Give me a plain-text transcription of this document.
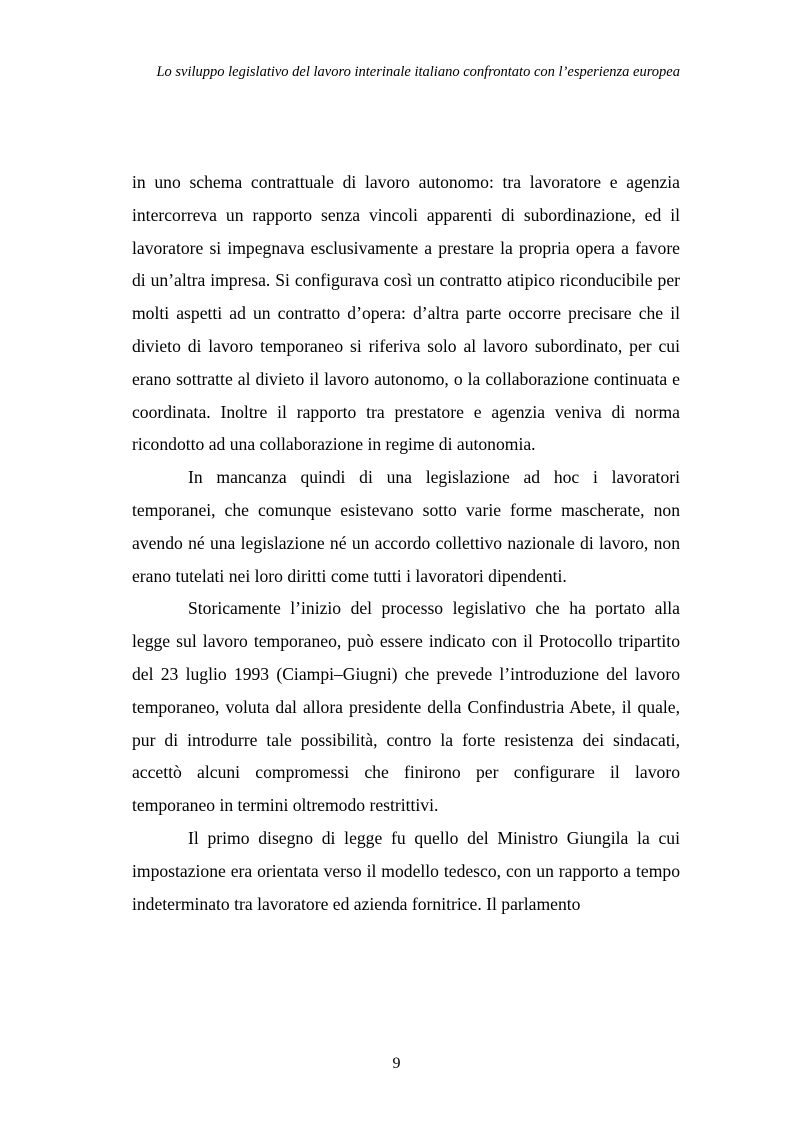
Lo sviluppo legislativo del lavoro interinale italiano confrontato con l’esperienza europea

in uno schema contrattuale di lavoro autonomo: tra lavoratore e agenzia intercorreva un rapporto senza vincoli apparenti di subordinazione, ed il lavoratore si impegnava esclusivamente a prestare la propria opera a favore di un’altra impresa. Si configurava così un contratto atipico riconducibile per molti aspetti ad un contratto d’opera: d’altra parte occorre precisare che il divieto di lavoro temporaneo si riferiva solo al lavoro subordinato, per cui erano sottratte al divieto il lavoro autonomo, o la collaborazione continuata e coordinata. Inoltre il rapporto tra prestatore e agenzia veniva di norma ricondotto ad una collaborazione in regime di autonomia.

In mancanza quindi di una legislazione ad hoc i lavoratori temporanei, che comunque esistevano sotto varie forme mascherate, non avendo né una legislazione né un accordo collettivo nazionale di lavoro, non erano tutelati nei loro diritti come tutti i lavoratori dipendenti.

Storicamente l’inizio del processo legislativo che ha portato alla legge sul lavoro temporaneo, può essere indicato con il Protocollo tripartito del 23 luglio 1993 (Ciampi–Giugni) che prevede l’introduzione del lavoro temporaneo, voluta dal allora presidente della Confindustria Abete, il quale, pur di introdurre tale possibilità, contro la forte resistenza dei sindacati, accettò alcuni compromessi che finirono per configurare il lavoro temporaneo in termini oltremodo restrittivi.

Il primo disegno di legge fu quello del Ministro Giungila la cui impostazione era orientata verso il modello tedesco, con un rapporto a tempo indeterminato tra lavoratore ed azienda fornitrice. Il parlamento

9
